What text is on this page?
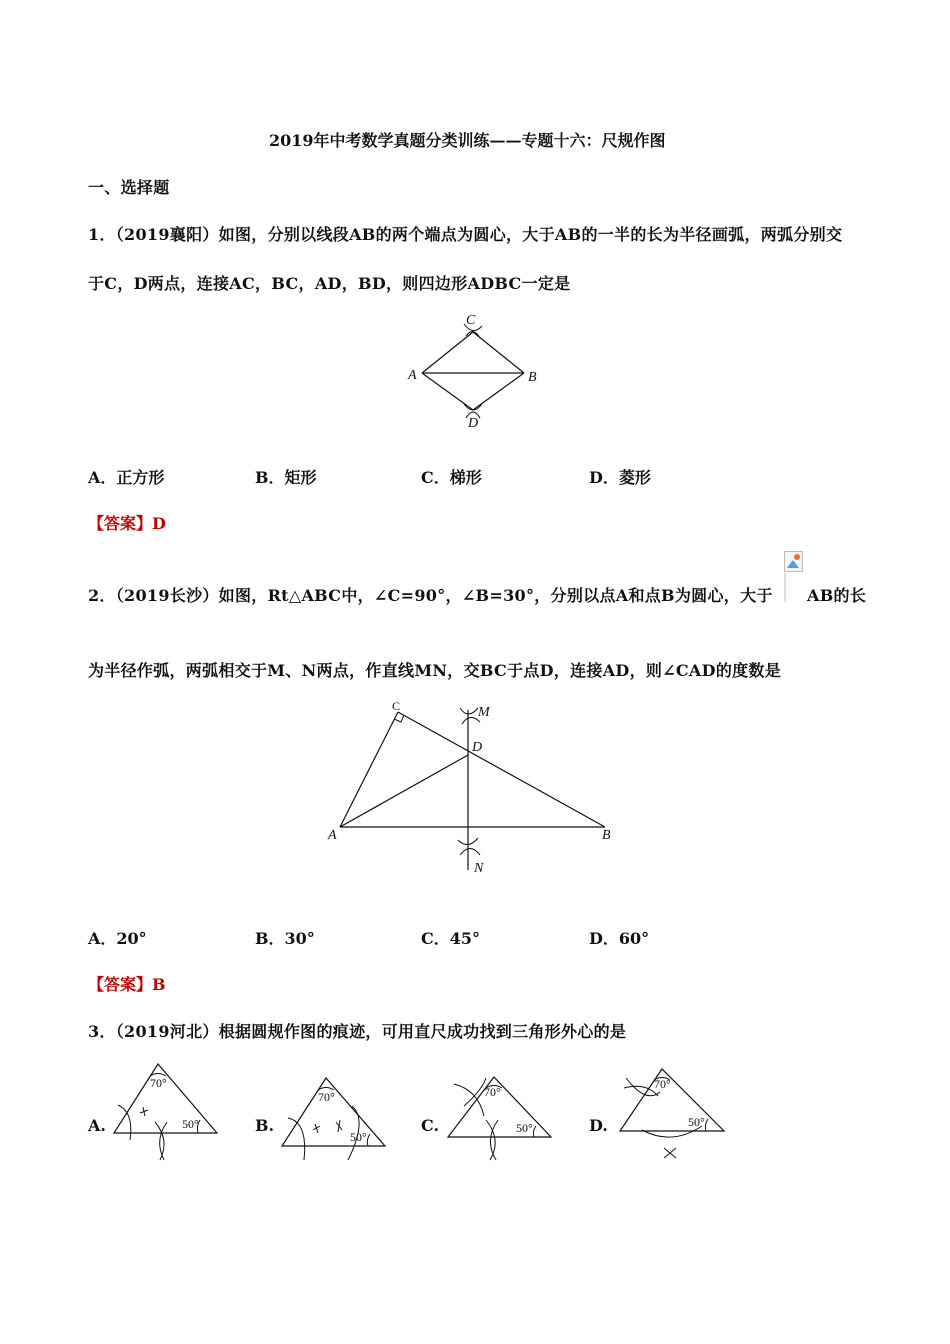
2019年中考数学真题分类训练——专题十六：尺规作图
一、选择题
1．（2019襄阳）如图，分别以线段AB的两个端点为圆心，大于AB的一半的长为半径画弧，两弧分别交
于C，D两点，连接AC，BC，AD，BD，则四边形ADBC一定是
C
A	B
D
A．正方形	B．矩形	C．梯形	D．菱形
【答案】D
2．（2019长沙）如图，Rt△ABC中，∠C=90°，∠B=30°，分别以点A和点B为圆心，大于 AB的长
为半径作弧，两弧相交于M、N两点，作直线MN，交BC于点D，连接AD，则∠CAD的度数是
C	M
D
A	B
N
A．20°	B．30°	C．45°	D．60°
【答案】B
3．（2019河北）根据圆规作图的痕迹，可用直尺成功找到三角形外心的是
A.
70°
50°	B.
70°
50°
C.
70°
50°	D.
70°
50°
